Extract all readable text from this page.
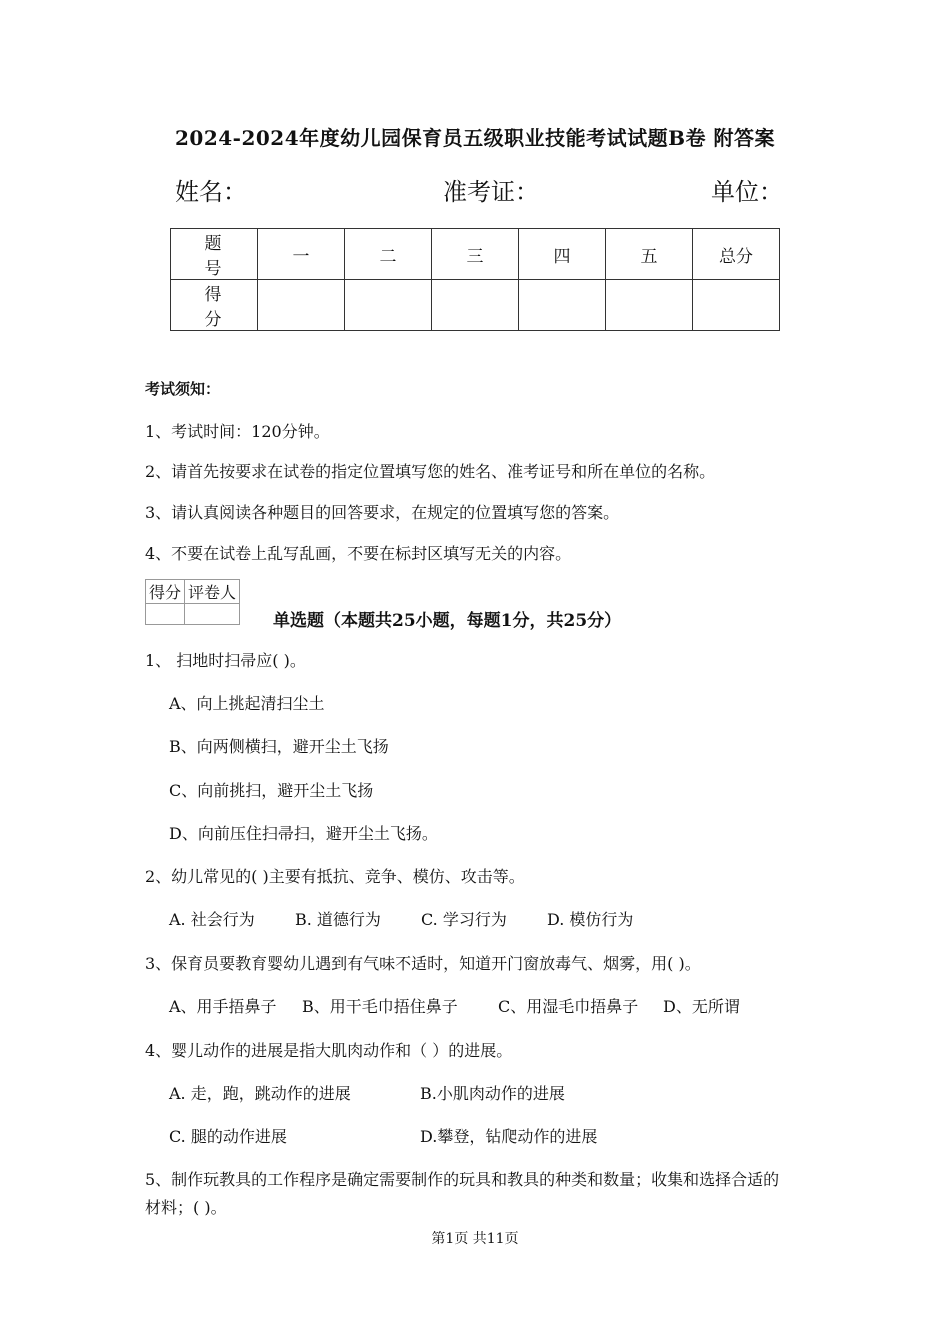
2024-2024年度幼儿园保育员五级职业技能考试试题B卷 附答案
姓名：	准考证：	单位：
题号	一	二	三	四	五	总分
得分						
考试须知：
1、考试时间：120分钟。
2、请首先按要求在试卷的指定位置填写您的姓名、准考证号和所在单位的名称。
3、请认真阅读各种题目的回答要求，在规定的位置填写您的答案。
4、不要在试卷上乱写乱画，不要在标封区填写无关的内容。
得分	评卷人

单选题（本题共25小题，每题1分，共25分）
1、 扫地时扫帚应( )。
A、向上挑起清扫尘土
B、向两侧横扫，避开尘土飞扬
C、向前挑扫，避开尘土飞扬
D、向前压住扫帚扫，避开尘土飞扬。
2、幼儿常见的( )主要有抵抗、竞争、模仿、攻击等。
A. 社会行为	B. 道德行为	C. 学习行为	D. 模仿行为
3、保育员要教育婴幼儿遇到有气味不适时，知道开门窗放毒气、烟雾，用( )。
A、用手捂鼻子 B、用干毛巾捂住鼻子	C、用湿毛巾捂鼻子 D、无所谓
4、婴儿动作的进展是指大肌肉动作和（ ）的进展。
A. 走，跑，跳动作的进展	B.小肌肉动作的进展
C. 腿的动作进展	D.攀登，钻爬动作的进展
5、制作玩教具的工作程序是确定需要制作的玩具和教具的种类和数量；收集和选择合适的
材料；( )。
第1页 共11页
